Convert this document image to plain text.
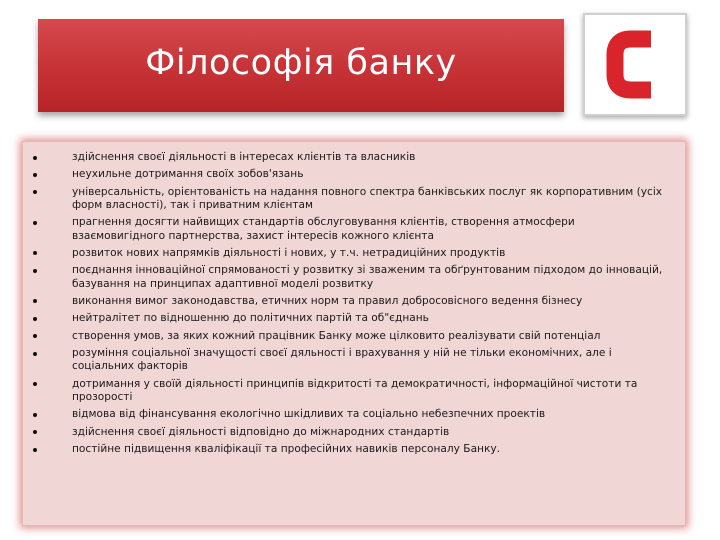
Філософія банку
здійснення своєї діяльності в інтересах клієнтів та власників
неухильне дотримання своїх зобов'язань
універсальність, орієнтованість на надання повного спектра банківських послуг як корпоративним (усіх форм власності), так і приватним клієнтам
прагнення досягти найвищих стандартів обслуговування клієнтів, створення атмосфери взаємовигідного партнерства, захист інтересів кожного клієнта
розвиток нових напрямків діяльності і нових, у т.ч. нетрадиційних продуктів
поєднання інноваційної спрямованості у розвитку зі зваженим та обґрунтованим підходом до інновацій, базування на принципах адаптивної моделі розвитку
виконання вимог законодавства, етичних норм та правил добросовісного ведення бізнесу
нейтралітет по відношенню до політичних партій та об"єднань
створення умов, за яких кожний працівник Банку може цілковито реалізувати свій потенціал
розуміння соціальної значущості своєї дяльності і врахування у ній не тільки економічних, але і соціальних факторів
дотримання у своїй діяльності принципів відкритості та демократичності, інформаційної чистоти та прозорості
відмова від фінансування екологічно шкідливих та соціально небезпечних проектів
здійснення своєї діяльності відповідно до міжнародних стандартів
постійне підвищення кваліфікації та професійних навиків персоналу Банку.
